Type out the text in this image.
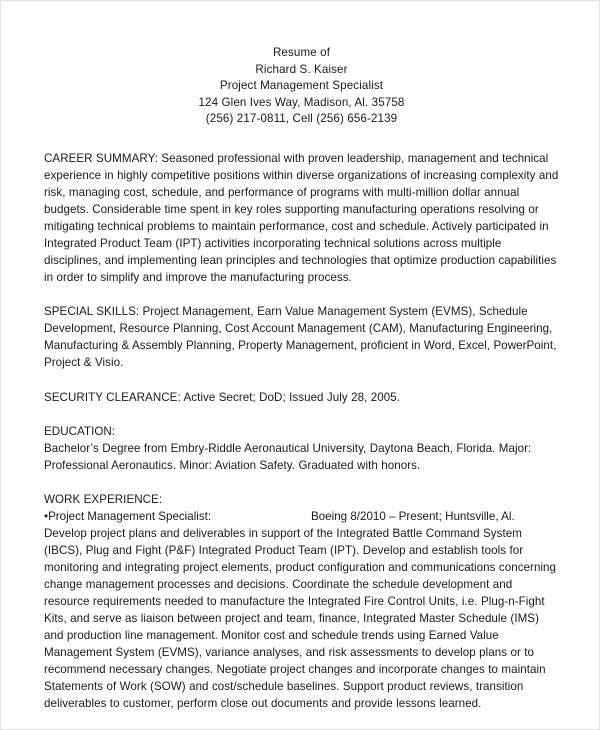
Resume of
Richard S. Kaiser
Project Management Specialist
124 Glen Ives Way, Madison, Al. 35758
(256) 217-0811, Cell (256) 656-2139

CAREER SUMMARY: Seasoned professional with proven leadership, management and technical experience in highly competitive positions within diverse organizations of increasing complexity and risk, managing cost, schedule, and performance of programs with multi-million dollar annual budgets. Considerable time spent in key roles supporting manufacturing operations resolving or mitigating technical problems to maintain performance, cost and schedule. Actively participated in Integrated Product Team (IPT) activities incorporating technical solutions across multiple disciplines, and implementing lean principles and technologies that optimize production capabilities in order to simplify and improve the manufacturing process.

SPECIAL SKILLS: Project Management, Earn Value Management System (EVMS), Schedule Development, Resource Planning, Cost Account Management (CAM), Manufacturing Engineering, Manufacturing & Assembly Planning, Property Management, proficient in Word, Excel, PowerPoint, Project & Visio.

SECURITY CLEARANCE: Active Secret; DoD; Issued July 28, 2005.

EDUCATION:

Bachelor’s Degree from Embry-Riddle Aeronautical University, Daytona Beach, Florida. Major: Professional Aeronautics. Minor: Aviation Safety. Graduated with honors.

WORK EXPERIENCE:

•Project Management Specialist:	Boeing 8/2010 – Present; Huntsville, Al.

Develop project plans and deliverables in support of the Integrated Battle Command System (IBCS), Plug and Fight (P&F) Integrated Product Team (IPT). Develop and establish tools for monitoring and integrating project elements, product configuration and communications concerning change management processes and decisions. Coordinate the schedule development and resource requirements needed to manufacture the Integrated Fire Control Units, i.e. Plug-n-Fight Kits, and serve as liaison between project and team, finance, Integrated Master Schedule (IMS) and production line management. Monitor cost and schedule trends using Earned Value Management System (EVMS), variance analyses, and risk assessments to develop plans or to recommend necessary changes. Negotiate project changes and incorporate changes to maintain Statements of Work (SOW) and cost/schedule baselines. Support product reviews, transition deliverables to customer, perform close out documents and provide lessons learned.
